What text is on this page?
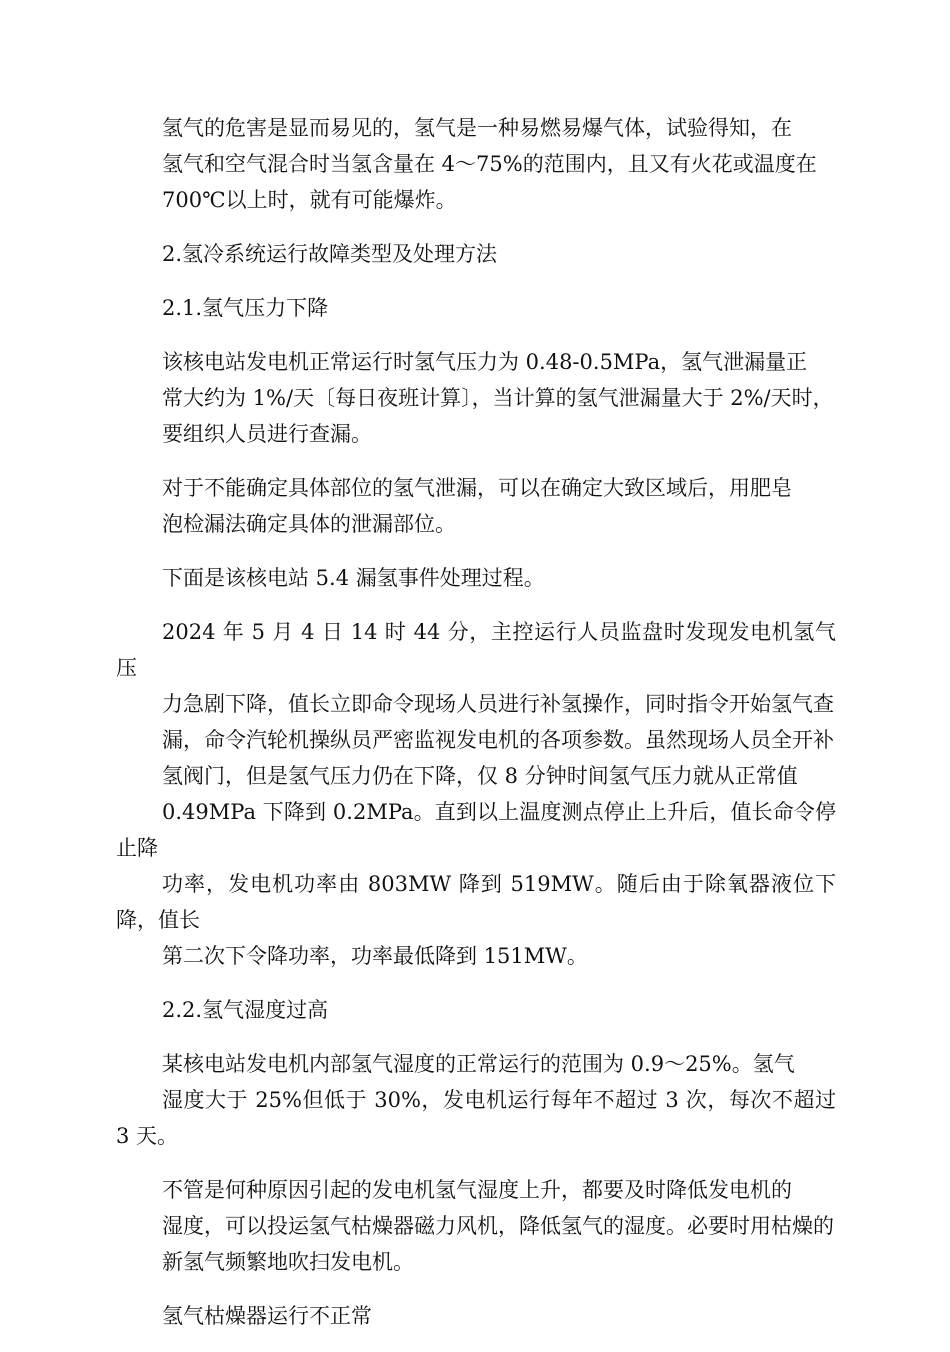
氢气的危害是显而易见的，氢气是一种易燃易爆气体，试验得知，在
氢气和空气混合时当氢含量在 4～75%的范围内，且又有火花或温度在
700℃以上时，就有可能爆炸。

2.氢冷系统运行故障类型及处理方法

2.1.氢气压力下降

该核电站发电机正常运行时氢气压力为 0.48-0.5MPa，氢气泄漏量正
常大约为 1%/天〔每日夜班计算〕，当计算的氢气泄漏量大于 2%/天时，
要组织人员进行查漏。

对于不能确定具体部位的氢气泄漏，可以在确定大致区域后，用肥皂
泡检漏法确定具体的泄漏部位。

下面是该核电站 5.4 漏氢事件处理过程。

2024 年 5 月 4 日 14 时 44 分，主控运行人员监盘时发现发电机氢气压
力急剧下降，值长立即命令现场人员进行补氢操作，同时指令开始氢气查
漏，命令汽轮机操纵员严密监视发电机的各项参数。虽然现场人员全开补
氢阀门，但是氢气压力仍在下降，仅 8 分钟时间氢气压力就从正常值
0.49MPa 下降到 0.2MPa。直到以上温度测点停止上升后，值长命令停止降
功率，发电机功率由 803MW 降到 519MW。随后由于除氧器液位下降，值长
第二次下令降功率，功率最低降到 151MW。

2.2.氢气湿度过高

某核电站发电机内部氢气湿度的正常运行的范围为 0.9～25%。氢气
湿度大于 25%但低于 30%，发电机运行每年不超过 3 次，每次不超过 3 天。

不管是何种原因引起的发电机氢气湿度上升，都要及时降低发电机的
湿度，可以投运氢气枯燥器磁力风机，降低氢气的湿度。必要时用枯燥的
新氢气频繁地吹扫发电机。

氢气枯燥器运行不正常
